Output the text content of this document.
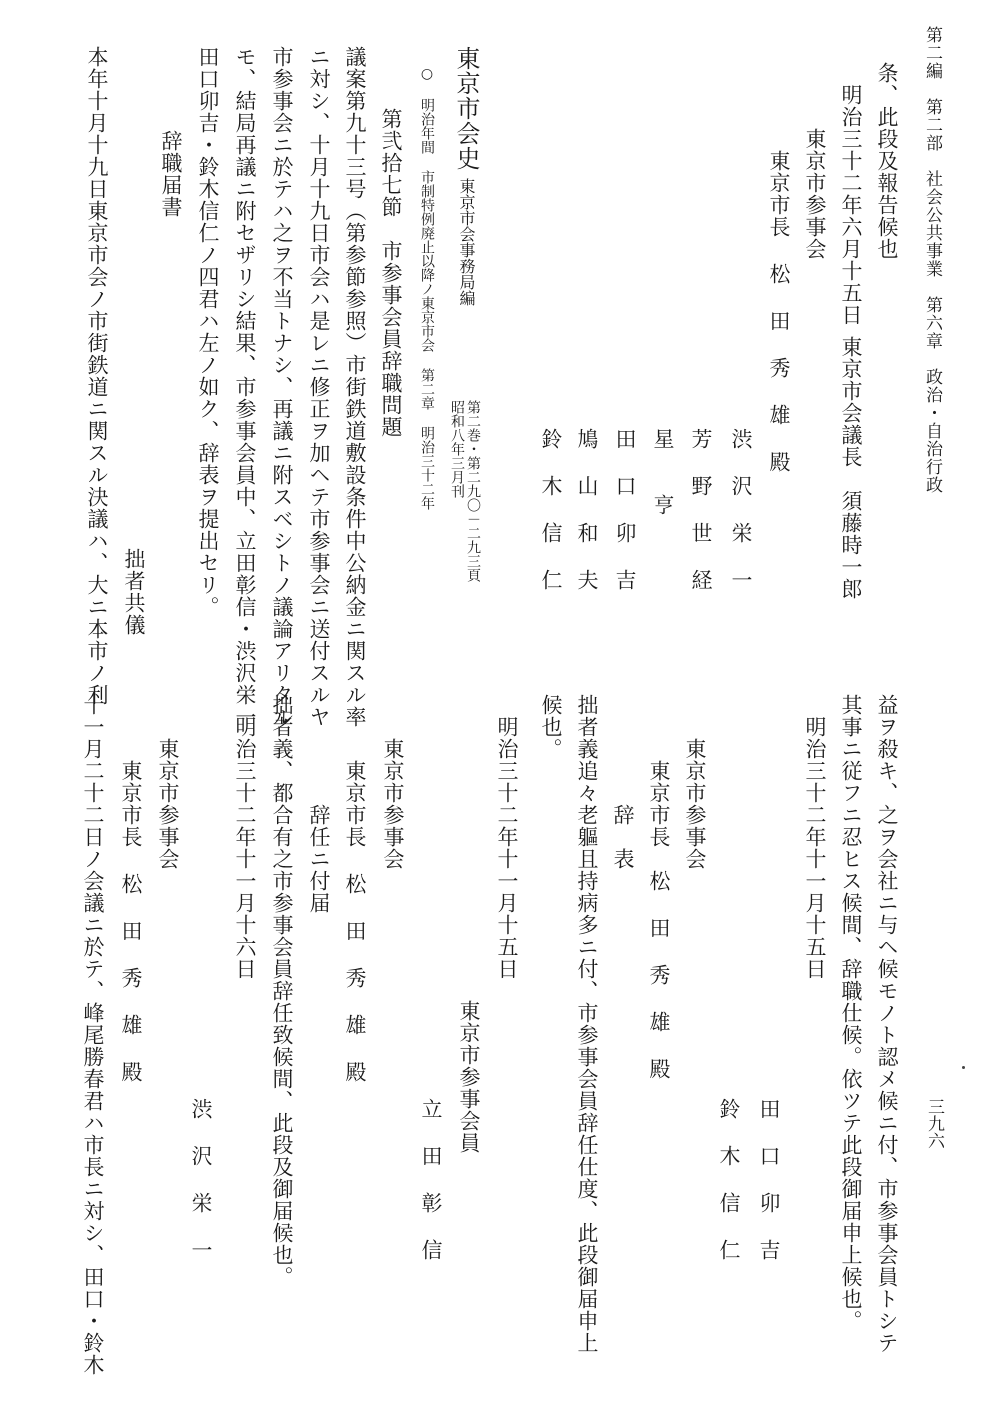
第二編　第二部　社会公共事業　第六章　政治・自治行政
三九六
条、此段及報告候也
明治三十二年六月十五日
東京市会議長　須藤時一郎
東京市参事会
東京市長 松 田 秀 雄 殿
渋 沢 栄 一
芳 野 世 経
星　　亨
田 口 卯 吉
鳩 山 和 夫
鈴 木 信 仁
東京市会史
東京市会事務局編
第二巻・第二九〇－二九三頁
昭和八年三月刊
○ 明治年間 市制特例廃止以降ノ東京市会 第二章 明治三十二年
第弐拾七節　市参事会員辞職問題
議案第九十三号（第参節参照）市街鉄道敷設条件中公納金ニ関スル率
ニ対シ、十月十九日市会ハ是レニ修正ヲ加ヘテ市参事会ニ送付スルヤ
市参事会ニ於テハ之ヲ不当トナシ、再議ニ附スベシトノ議論アリタル
モ、結局再議ニ附セザリシ結果、市参事会員中、立田彰信・渋沢栄一
田口卯吉・鈴木信仁ノ四君ハ左ノ如ク、辞表ヲ提出セリ。
辞職届書
拙者共儀
本年十月十九日東京市会ノ市街鉄道ニ関スル決議ハ、大ニ本市ノ利
益ヲ殺キ、之ヲ会社ニ与ヘ候モノト認メ候ニ付、市参事会員トシテ
其事ニ従フニ忍ヒス候間、辞職仕候。依ツテ此段御届申上候也。
明治三十二年十一月十五日
田 口 卯 吉
鈴 木 信 仁
東京市参事会
東京市長　松 田 秀 雄 殿
辞　表
拙者義追々老軀且持病多ニ付、市参事会員辞任仕度、此段御届申上
候也。
明治三十二年十一月十五日
東京市参事会員
立 田 彰 信
東京市参事会
東京市長 松 田 秀 雄 殿
辞任ニ付届
拙者義、都合有之市参事会員辞任致候間、此段及御届候也。
明治三十二年十一月十六日
渋 沢 栄 一
東京市参事会
東京市長 松 田 秀 雄 殿
十一月二十二日ノ会議ニ於テ、峰尾勝春君ハ市長ニ対シ、田口・鈴木
